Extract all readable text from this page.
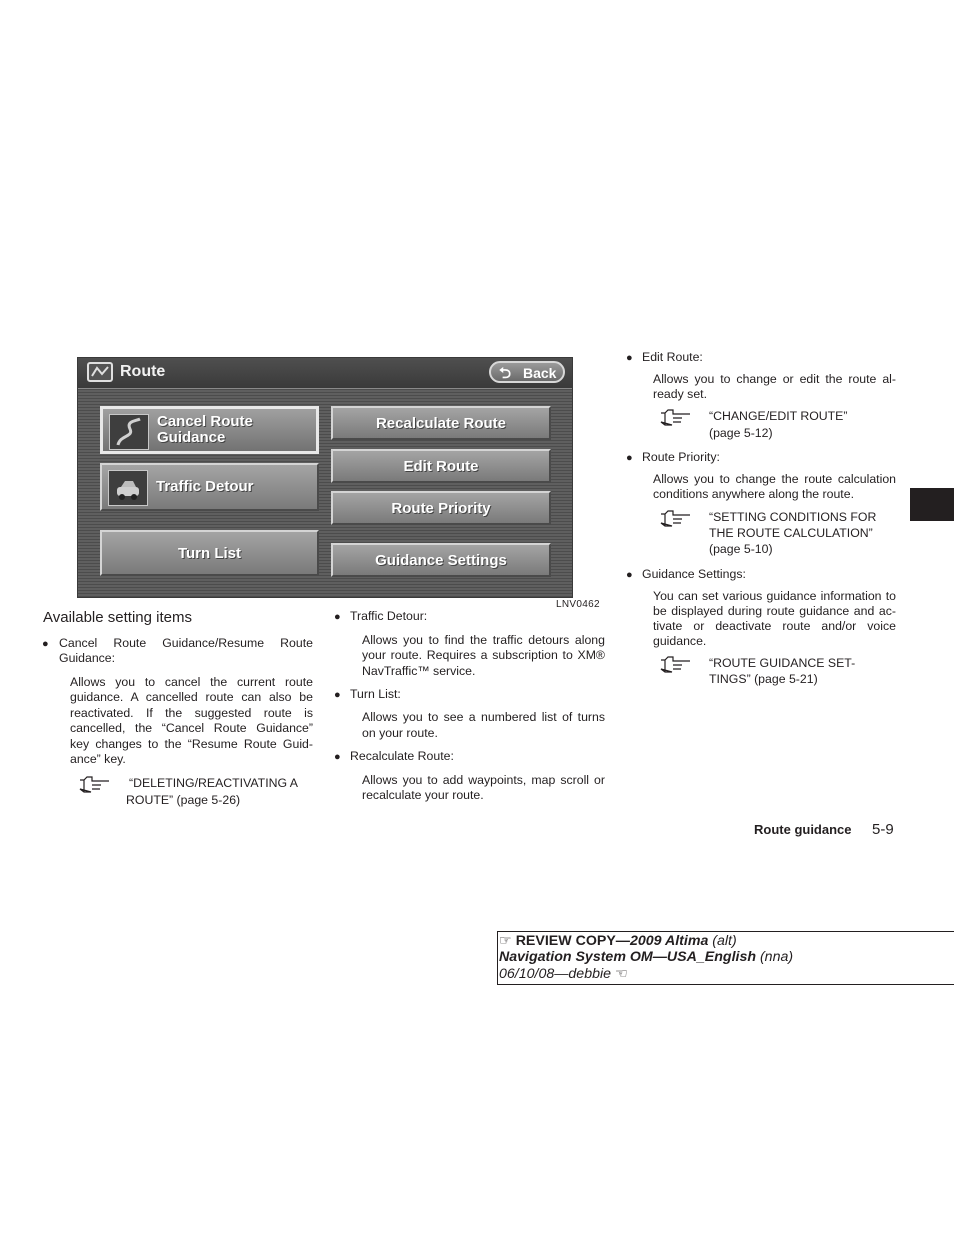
Route	⮌ Back
Cancel Route
Guidance
Traffic Detour
Turn List
Recalculate Route
Edit Route
Route Priority
Guidance Settings
LNV0462
Available setting items
● Cancel Route Guidance/Resume Route
Guidance:
Allows you to cancel the current route
guidance. A cancelled route can also be
reactivated. If the suggested route is
cancelled, the “Cancel Route Guidance”
key changes to the “Resume Route Guid-
ance” key.
“DELETING/REACTIVATING A
ROUTE” (page 5-26)
● Traffic Detour:
Allows you to find the traffic detours along
your route. Requires a subscription to XM®
NavTraffic™ service.
● Turn List:
Allows you to see a numbered list of turns
on your route.
● Recalculate Route:
Allows you to add waypoints, map scroll or
recalculate your route.
● Edit Route:
Allows you to change or edit the route al-
ready set.
“CHANGE/EDIT ROUTE”
(page 5-12)
● Route Priority:
Allows you to change the route calculation
conditions anywhere along the route.
“SETTING CONDITIONS FOR
THE ROUTE CALCULATION”
(page 5-10)
● Guidance Settings:
You can set various guidance information to
be displayed during route guidance and ac-
tivate or deactivate route and/or voice
guidance.
“ROUTE GUIDANCE SET-
TINGS” (page 5-21)
Route guidance 5-9
☞ REVIEW COPY—2009 Altima (alt)
Navigation System OM—USA_English (nna)
06/10/08—debbie ☜
